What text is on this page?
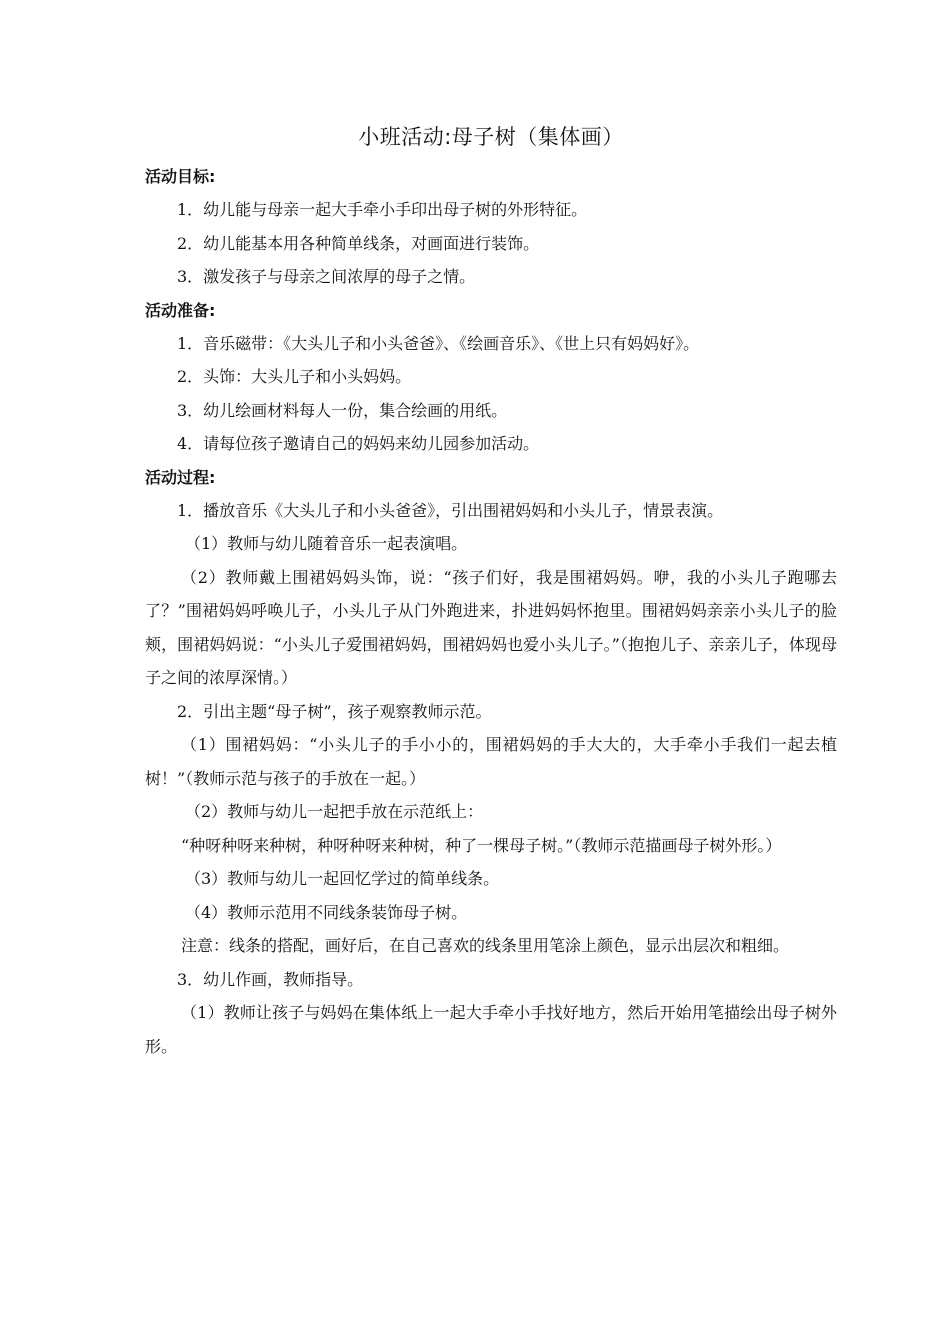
小班活动:母子树（集体画）
活动目标:
1．幼儿能与母亲一起大手牵小手印出母子树的外形特征。
2．幼儿能基本用各种简单线条，对画面进行装饰。
3．激发孩子与母亲之间浓厚的母子之情。
活动准备:
1．音乐磁带：《大头儿子和小头爸爸》、《绘画音乐》、《世上只有妈妈好》。
2．头饰：大头儿子和小头妈妈。
3．幼儿绘画材料每人一份，集合绘画的用纸。
4．请每位孩子邀请自己的妈妈来幼儿园参加活动。
活动过程:
1．播放音乐《大头儿子和小头爸爸》，引出围裙妈妈和小头儿子，情景表演。
（1）教师与幼儿随着音乐一起表演唱。

（2）教师戴上围裙妈妈头饰，说：“孩子们好，我是围裙妈妈。咿，我的小头儿子跑哪去了？”围裙妈妈呼唤儿子，小头儿子从门外跑进来，扑进妈妈怀抱里。围裙妈妈亲亲小头儿子的脸颊，围裙妈妈说：“小头儿子爱围裙妈妈，围裙妈妈也爱小头儿子。”（抱抱儿子、亲亲儿子，体现母子之间的浓厚深情。）

2．引出主题“母子树”，孩子观察教师示范。

（1）围裙妈妈：“小头儿子的手小小的，围裙妈妈的手大大的，大手牵小手我们一起去植树！”（教师示范与孩子的手放在一起。）

（2）教师与幼儿一起把手放在示范纸上：

“种呀种呀来种树，种呀种呀来种树，种了一棵母子树。”（教师示范描画母子树外形。）

（3）教师与幼儿一起回忆学过的简单线条。
（4）教师示范用不同线条装饰母子树。

注意：线条的搭配，画好后，在自己喜欢的线条里用笔涂上颜色，显示出层次和粗细。

3．幼儿作画，教师指导。

（1）教师让孩子与妈妈在集体纸上一起大手牵小手找好地方，然后开始用笔描绘出母子树外形。
